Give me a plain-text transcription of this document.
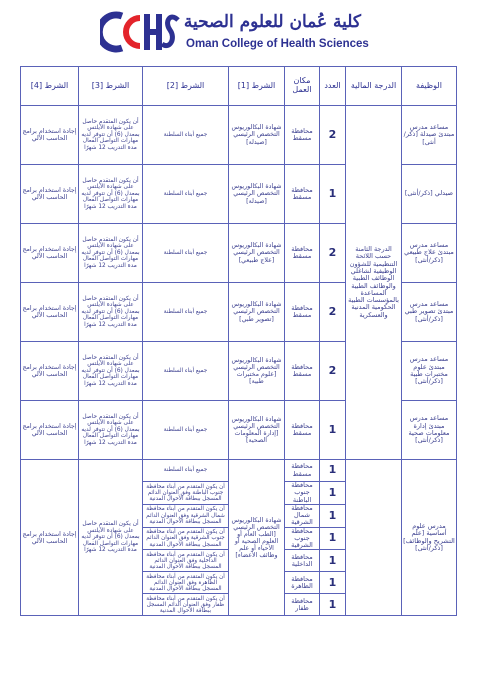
كلية عُمان للعلوم الصحية
Oman College of Health Sciences
الوظيفة	الدرجة المالية	العدد	مكان العمل	الشرط [1]	الشرط [2]	الشرط [3]	الشرط [4]
مساعد مدرس مبتدئ صيدلة [ذكر/أنثى]	الدرجة الثامنة حسب اللائحة التنظيمية للشؤون الوظيفية لشاغلي الوظائف الطبية والوظائف الطبية المساعدة بالمؤسسات الطبية الحكومية المدنية والعسكرية	2	محافظة مسقط	شهادة البكالوريوس التخصص الرئيسي [صيدلة]	جميع أبناء السلطنة	أن يكون المتقدم حاصل على شهادة الآيلتس بمعدل (6) أن تتوفر لديه مهارات التواصل الفعال مدة التدريب 12 شهرًا	إجادة استخدام برامج الحاسب الآلي
صيدلي [ذكر/أنثى]		1	محافظة مسقط	شهادة البكالوريوس التخصص الرئيسي [صيدلة]	جميع أبناء السلطنة	أن يكون المتقدم حاصل على شهادة الآيلتس بمعدل (6) أن تتوفر لديه مهارات التواصل الفعال مدة التدريب 12 شهرًا	إجادة استخدام برامج الحاسب الآلي
مساعد مدرس مبتدئ علاج طبيعي [ذكر/أنثى]		2	محافظة مسقط	شهادة البكالوريوس التخصص الرئيسي [علاج طبيعي]	جميع أبناء السلطنة	أن يكون المتقدم حاصل على شهادة الآيلتس بمعدل (6) أن تتوفر لديه مهارات التواصل الفعال مدة التدريب 12 شهرًا	إجادة استخدام برامج الحاسب الآلي
مساعد مدرس مبتدئ تصوير طبي [ذكر/أنثى]		2	محافظة مسقط	شهادة البكالوريوس التخصص الرئيسي [تصوير طبي]	جميع أبناء السلطنة	أن يكون المتقدم حاصل على شهادة الآيلتس بمعدل (6) أن تتوفر لديه مهارات التواصل الفعال مدة التدريب 12 شهرًا	إجادة استخدام برامج الحاسب الآلي
مساعد مدرس مبتدئ علوم مختبرات طبية [ذكر/أنثى]		2	محافظة مسقط	شهادة البكالوريوس التخصص الرئيسي [علوم مختبرات طبية]	جميع أبناء السلطنة	أن يكون المتقدم حاصل على شهادة الآيلتس بمعدل (6) أن تتوفر لديه مهارات التواصل الفعال مدة التدريب 12 شهرًا	إجادة استخدام برامج الحاسب الآلي
مساعد مدرس مبتدئ إدارة معلومات صحية [ذكر/أنثى]		1	محافظة مسقط	شهادة البكالوريوس التخصص الرئيسي [إدارة المعلومات الصحية]	جميع أبناء السلطنة	أن يكون المتقدم حاصل على شهادة الآيلتس بمعدل (6) أن تتوفر لديه مهارات التواصل الفعال مدة التدريب 12 شهرًا	إجادة استخدام برامج الحاسب الآلي
مدرس علوم أساسية [علم التشريح والوظائف] [ذكر/أنثى]		1	محافظة مسقط	شهادة البكالوريوس التخصص الرئيسي [الطب العام أو العلوم الصحية أو الأحياء أو علم وظائف الأعضاء]	جميع أبناء السلطنة	أن يكون المتقدم حاصل على شهادة الآيلتس بمعدل (6) أن تتوفر لديه مهارات التواصل الفعال مدة التدريب 12 شهرًا	إجادة استخدام برامج الحاسب الآلي
		1	محافظة جنوب الباطنة		أن يكون المتقدم من أبناء محافظة جنوب الباطنة وفق العنوان الدائم المسجل ببطاقة الأحوال المدنية		
		1	محافظة شمال الشرقية		أن يكون المتقدم من أبناء محافظة شمال الشرقية وفق العنوان الدائم المسجل ببطاقة الأحوال المدنية		
		1	محافظة جنوب الشرقية		أن يكون المتقدم من أبناء محافظة جنوب الشرقية وفق العنوان الدائم المسجل ببطاقة الأحوال المدنية		
		1	محافظة الداخلية		أن يكون المتقدم من أبناء محافظة الداخلية وفق العنوان الدائم المسجل ببطاقة الأحوال المدنية		
		1	محافظة الظاهرة		أن يكون المتقدم من أبناء محافظة الظاهرة وفق العنوان الدائم المسجل ببطاقة الأحوال المدنية		
		1	محافظة ظفار		أن يكون المتقدم من أبناء محافظة ظفار وفق العنوان الدائم المسجل ببطاقة الأحوال المدنية		
